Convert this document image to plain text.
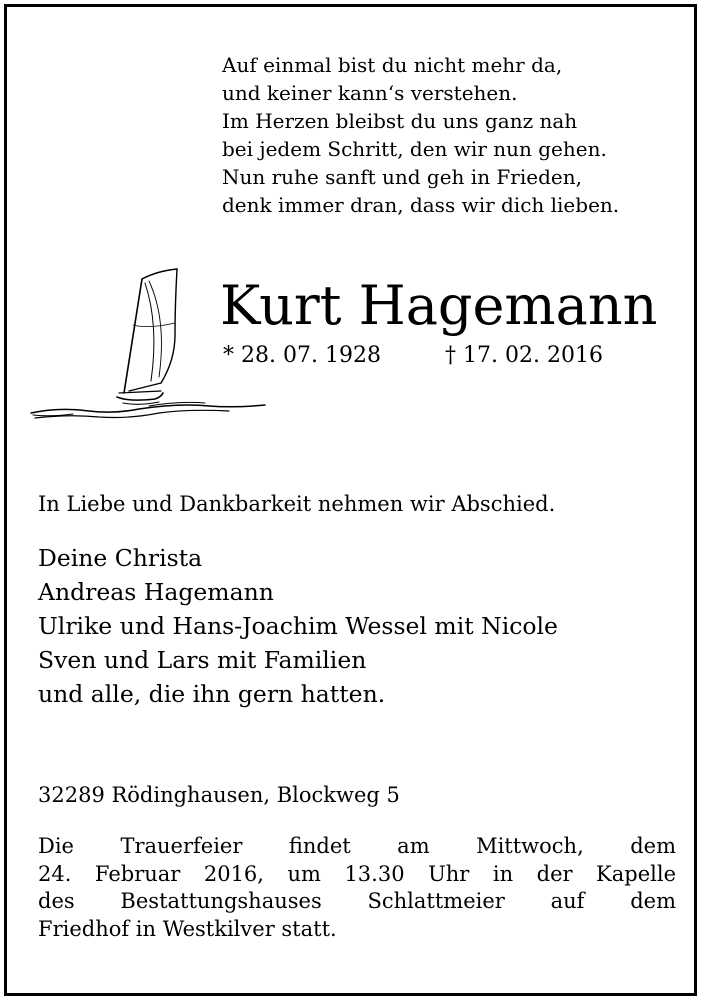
Auf einmal bist du nicht mehr da,
und keiner kann‘s verstehen.
Im Herzen bleibst du uns ganz nah
bei jedem Schritt, den wir nun gehen.
Nun ruhe sanft und geh in Frieden,
denk immer dran, dass wir dich lieben.
Kurt Hagemann
* 28. 07. 1928	† 17. 02. 2016
In Liebe und Dankbarkeit nehmen wir Abschied.
Deine Christa
Andreas Hagemann
Ulrike und Hans-Joachim Wessel mit Nicole
Sven und Lars mit Familien
und alle, die ihn gern hatten.
32289 Rödinghausen, Blockweg 5
Die Trauerfeier findet am Mittwoch, dem
24. Februar 2016, um 13.30 Uhr in der Kapelle
des Bestattungshauses Schlattmeier auf dem
Friedhof in Westkilver statt.
